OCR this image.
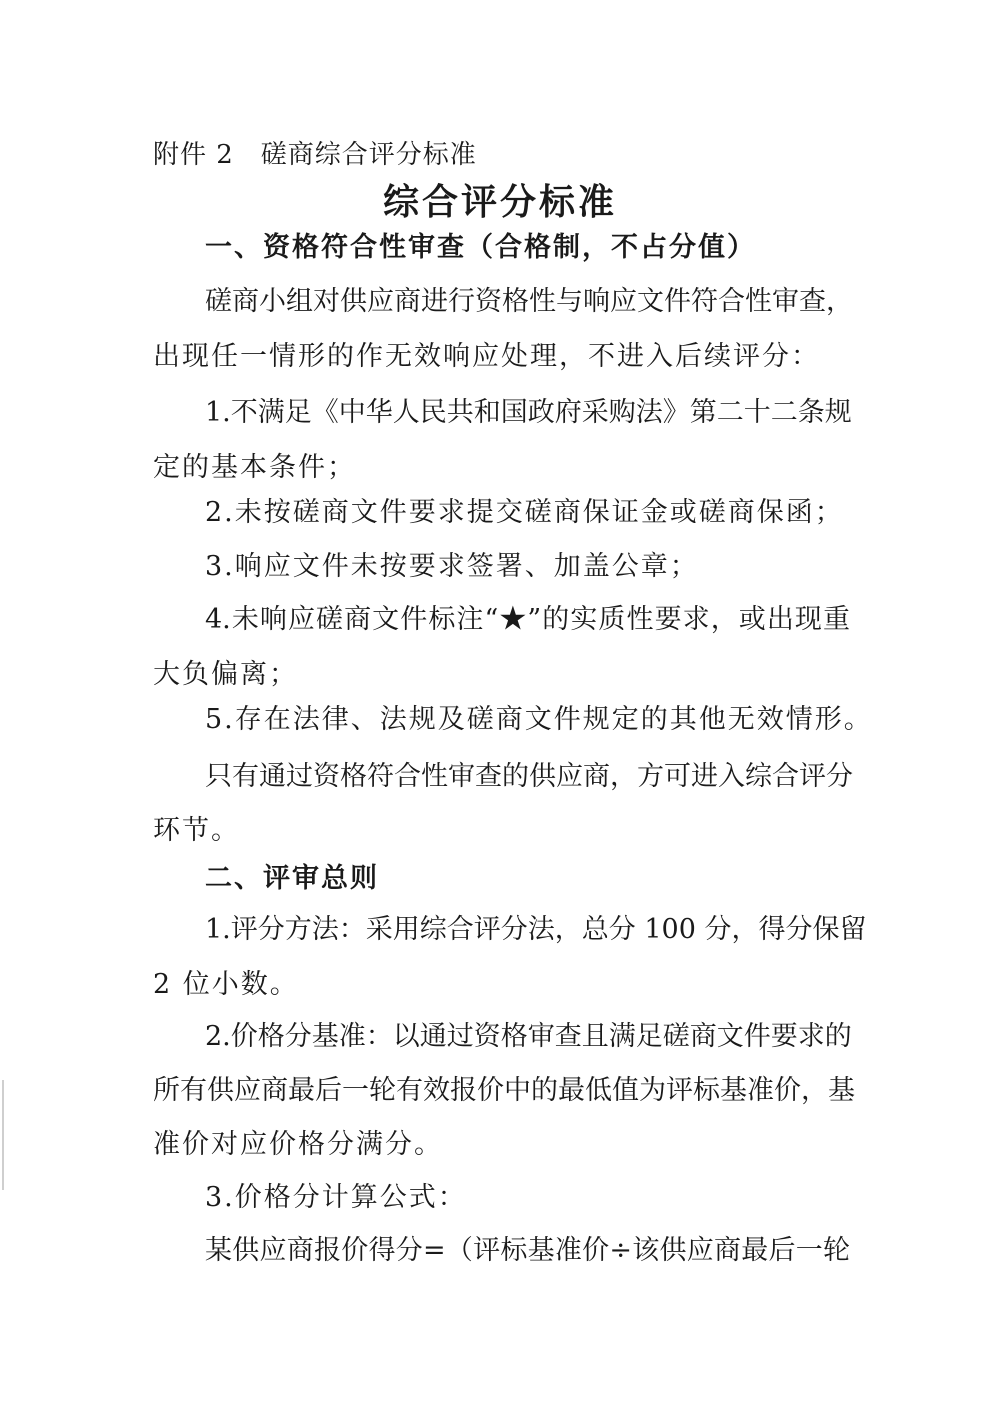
附件 2　磋商综合评分标准
综合评分标准
一、资格符合性审查（合格制，不占分值）
磋商小组对供应商进行资格性与响应文件符合性审查，
出现任一情形的作无效响应处理，不进入后续评分：
1.不满足《中华人民共和国政府采购法》第二十二条规
定的基本条件；
2.未按磋商文件要求提交磋商保证金或磋商保函；
3.响应文件未按要求签署、加盖公章；
4.未响应磋商文件标注“★”的实质性要求，或出现重
大负偏离；
5.存在法律、法规及磋商文件规定的其他无效情形。
只有通过资格符合性审查的供应商，方可进入综合评分
环节。
二、评审总则
1.评分方法：采用综合评分法，总分 100 分，得分保留
2 位小数。
2.价格分基准：以通过资格审查且满足磋商文件要求的
所有供应商最后一轮有效报价中的最低值为评标基准价，基
准价对应价格分满分。
3.价格分计算公式：
某供应商报价得分=（评标基准价÷该供应商最后一轮
